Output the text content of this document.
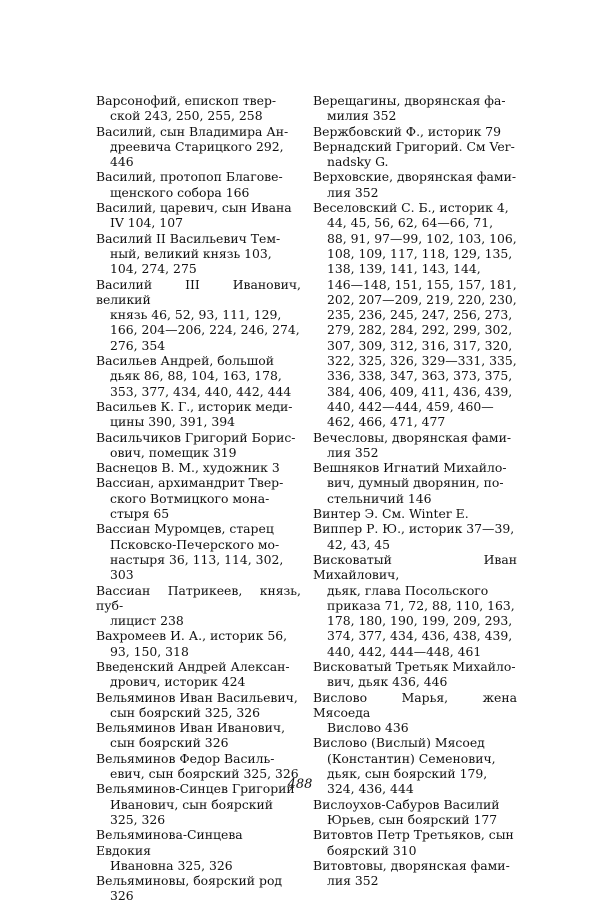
Варсонофий, епископ твер-
ской 243, 250, 255, 258
Василий, сын Владимира Ан-
дреевича Старицкого 292,
446
Василий, протопоп Благове-
щенского собора 166
Василий, царевич, сын Ивана
IV 104, 107
Василий II Васильевич Тем-
ный, великий князь 103,
104, 274, 275
Василий III Иванович, великий
князь 46, 52, 93, 111, 129,
166, 204—206, 224, 246, 274,
276, 354
Васильев Андрей, большой
дьяк 86, 88, 104, 163, 178,
353, 377, 434, 440, 442, 444
Васильев К. Г., историк меди-
цины 390, 391, 394
Васильчиков Григорий Борис-
ович, помещик 319
Васнецов В. М., художник 3
Вассиан, архимандрит Твер-
ского Вотмицкого мона-
стыря 65
Вассиан Муромцев, старец
Псковско-Печерского мо-
настыря 36, 113, 114, 302,
303
Вассиан Патрикеев, князь, пуб-
лицист 238
Вахромеев И. А., историк 56,
93, 150, 318
Введенский Андрей Алексан-
дрович, историк 424
Вельяминов Иван Васильевич,
сын боярский 325, 326
Вельяминов Иван Иванович,
сын боярский 326
Вельяминов Федор Василь-
евич, сын боярский 325, 326
Вельяминов-Синцев Григорий
Иванович, сын боярский
325, 326
Вельяминова-Синцева Евдокия
Ивановна 325, 326
Вельяминовы, боярский род
326
Верещагины, дворянская фа-
милия 352
Вержбовский Ф., историк 79
Вернадский Григорий. См Ver-
nadsky G.
Верховские, дворянская фами-
лия 352
Веселовский С. Б., историк 4,
44, 45, 56, 62, 64—66, 71,
88, 91, 97—99, 102, 103, 106,
108, 109, 117, 118, 129, 135,
138, 139, 141, 143, 144,
146—148, 151, 155, 157, 181,
202, 207—209, 219, 220, 230,
235, 236, 245, 247, 256, 273,
279, 282, 284, 292, 299, 302,
307, 309, 312, 316, 317, 320,
322, 325, 326, 329—331, 335,
336, 338, 347, 363, 373, 375,
384, 406, 409, 411, 436, 439,
440, 442—444, 459, 460—
462, 466, 471, 477
Вечесловы, дворянская фами-
лия 352
Вешняков Игнатий Михайло-
вич, думный дворянин, по-
стельничий 146
Винтер Э. См. Winter E.
Виппер Р. Ю., историк 37—39,
42, 43, 45
Висковатый Иван Михайлович,
дьяк, глава Посольского
приказа 71, 72, 88, 110, 163,
178, 180, 190, 199, 209, 293,
374, 377, 434, 436, 438, 439,
440, 442, 444—448, 461
Висковатый Третьяк Михайло-
вич, дьяк 436, 446
Вислово Марья, жена Мясоеда
Вислово 436
Вислово (Вислый) Мясоед
(Константин) Семенович,
дьяк, сын боярский 179,
324, 436, 444
Вислоухов-Сабуров Василий
Юрьев, сын боярский 177
Витовтов Петр Третьяков, сын
боярский 310
Витовтовы, дворянская фами-
лия 352
488
